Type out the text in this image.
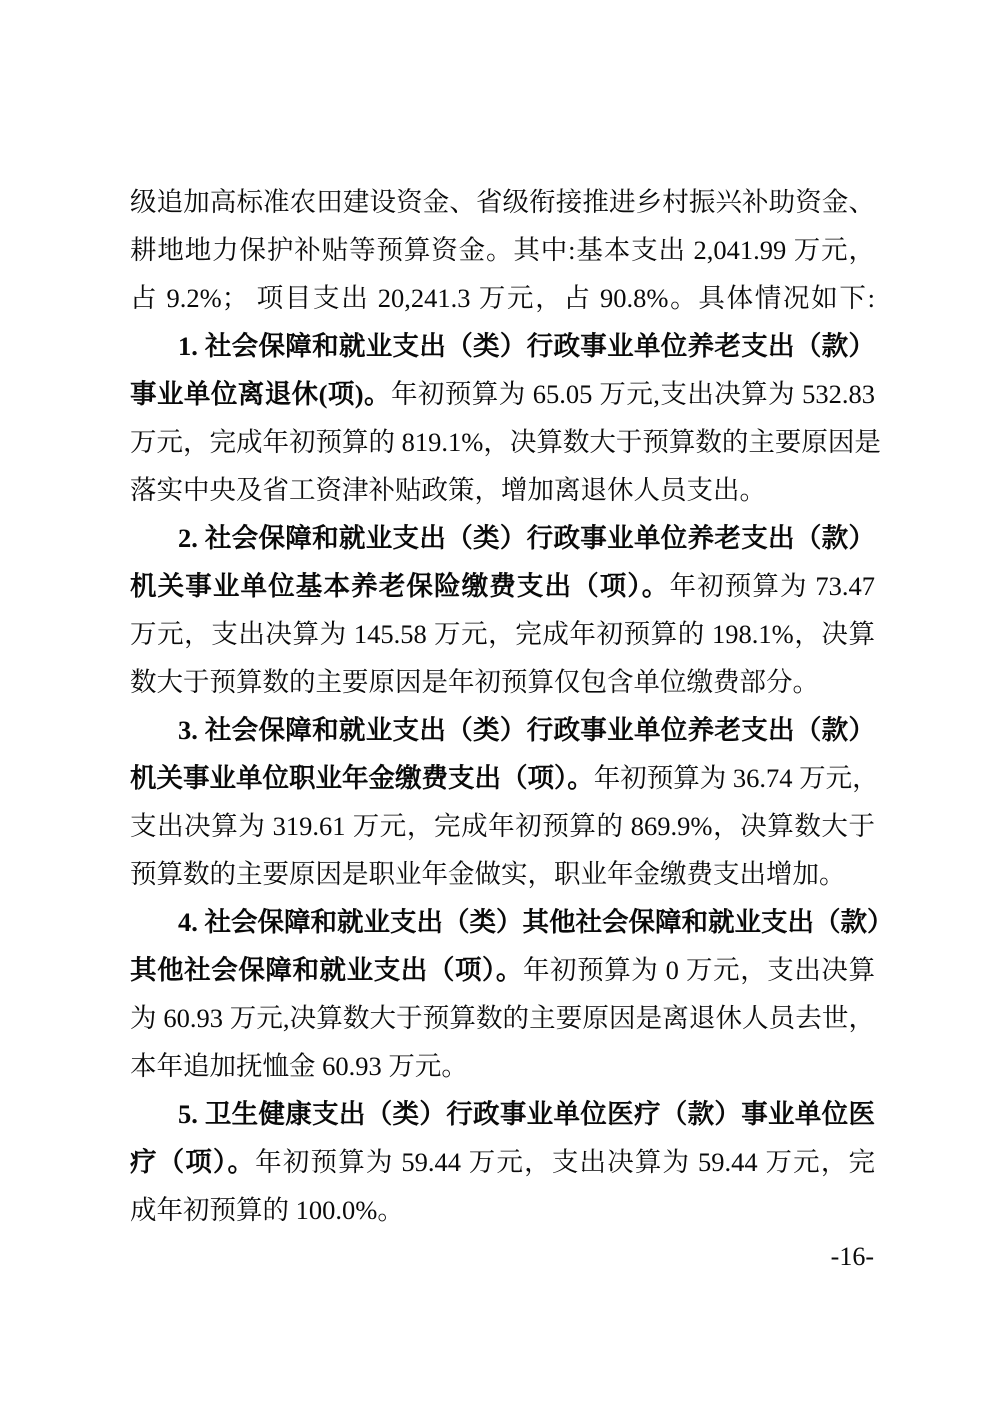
级追加高标准农田建设资金、省级衔接推进乡村振兴补助资金、
耕地地力保护补贴等预算资金。其中:基本支出 2,041.99 万元，
占 9.2%； 项目支出 20,241.3 万元，占 90.8%。具体情况如下:
1. 社会保障和就业支出（类）行政事业单位养老支出（款）
事业单位离退休(项)。年初预算为 65.05 万元,支出决算为 532.83
万元，完成年初预算的 819.1%，决算数大于预算数的主要原因是
落实中央及省工资津补贴政策，增加离退休人员支出。
2. 社会保障和就业支出（类）行政事业单位养老支出（款）
机关事业单位基本养老保险缴费支出（项）。年初预算为 73.47
万元，支出决算为 145.58 万元，完成年初预算的 198.1%，决算
数大于预算数的主要原因是年初预算仅包含单位缴费部分。
3. 社会保障和就业支出（类）行政事业单位养老支出（款）
机关事业单位职业年金缴费支出（项）。年初预算为 36.74 万元，
支出决算为 319.61 万元，完成年初预算的 869.9%，决算数大于
预算数的主要原因是职业年金做实，职业年金缴费支出增加。
4. 社会保障和就业支出（类）其他社会保障和就业支出（款）
其他社会保障和就业支出（项）。年初预算为 0 万元，支出决算
为 60.93 万元,决算数大于预算数的主要原因是离退休人员去世，
本年追加抚恤金 60.93 万元。
5. 卫生健康支出（类）行政事业单位医疗（款）事业单位医
疗（项）。年初预算为 59.44 万元，支出决算为 59.44 万元，完
成年初预算的 100.0%。
-16-
